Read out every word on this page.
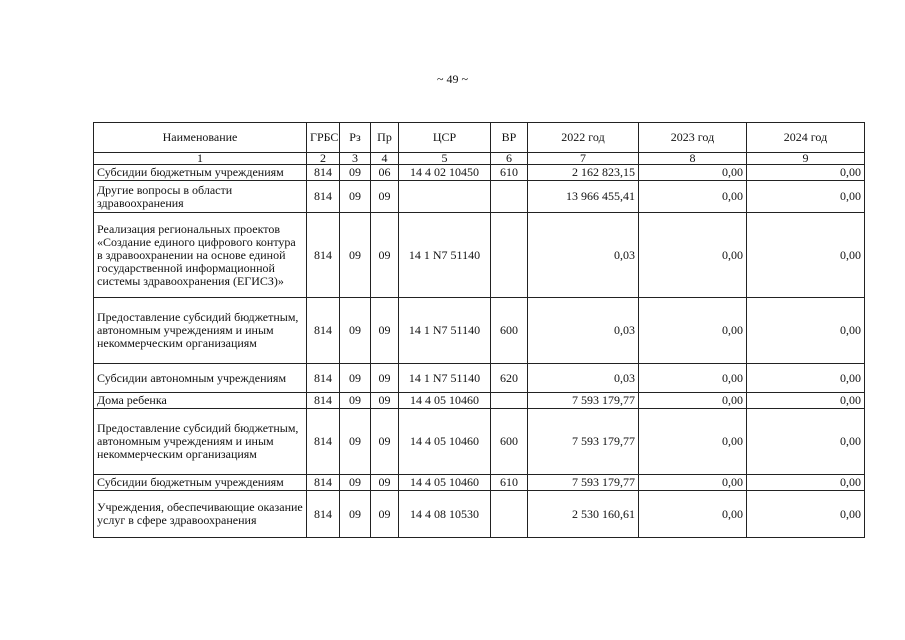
~ 49 ~
Наименование	ГРБС	Рз	Пр	ЦСР	ВР	2022 год	2023 год	2024 год
1	2	3	4	5	6	7	8	9
Субсидии бюджетным учреждениям	814	09	06	14 4 02 10450	610	2 162 823,15	0,00	0,00
Другие вопросы в области здравоохранения	814	09	09			13 966 455,41	0,00	0,00
Реализация региональных проектов «Создание единого цифрового контура в здравоохранении на основе единой государственной информационной системы здравоохранения (ЕГИСЗ)»	814	09	09	14 1 N7 51140		0,03	0,00	0,00
Предоставление субсидий бюджетным, автономным учреждениям и иным некоммерческим организациям	814	09	09	14 1 N7 51140	600	0,03	0,00	0,00
Субсидии автономным учреждениям	814	09	09	14 1 N7 51140	620	0,03	0,00	0,00
Дома ребенка	814	09	09	14 4 05 10460		7 593 179,77	0,00	0,00
Предоставление субсидий бюджетным, автономным учреждениям и иным некоммерческим организациям	814	09	09	14 4 05 10460	600	7 593 179,77	0,00	0,00
Субсидии бюджетным учреждениям	814	09	09	14 4 05 10460	610	7 593 179,77	0,00	0,00
Учреждения, обеспечивающие оказание услуг в сфере здравоохранения	814	09	09	14 4 08 10530		2 530 160,61	0,00	0,00
